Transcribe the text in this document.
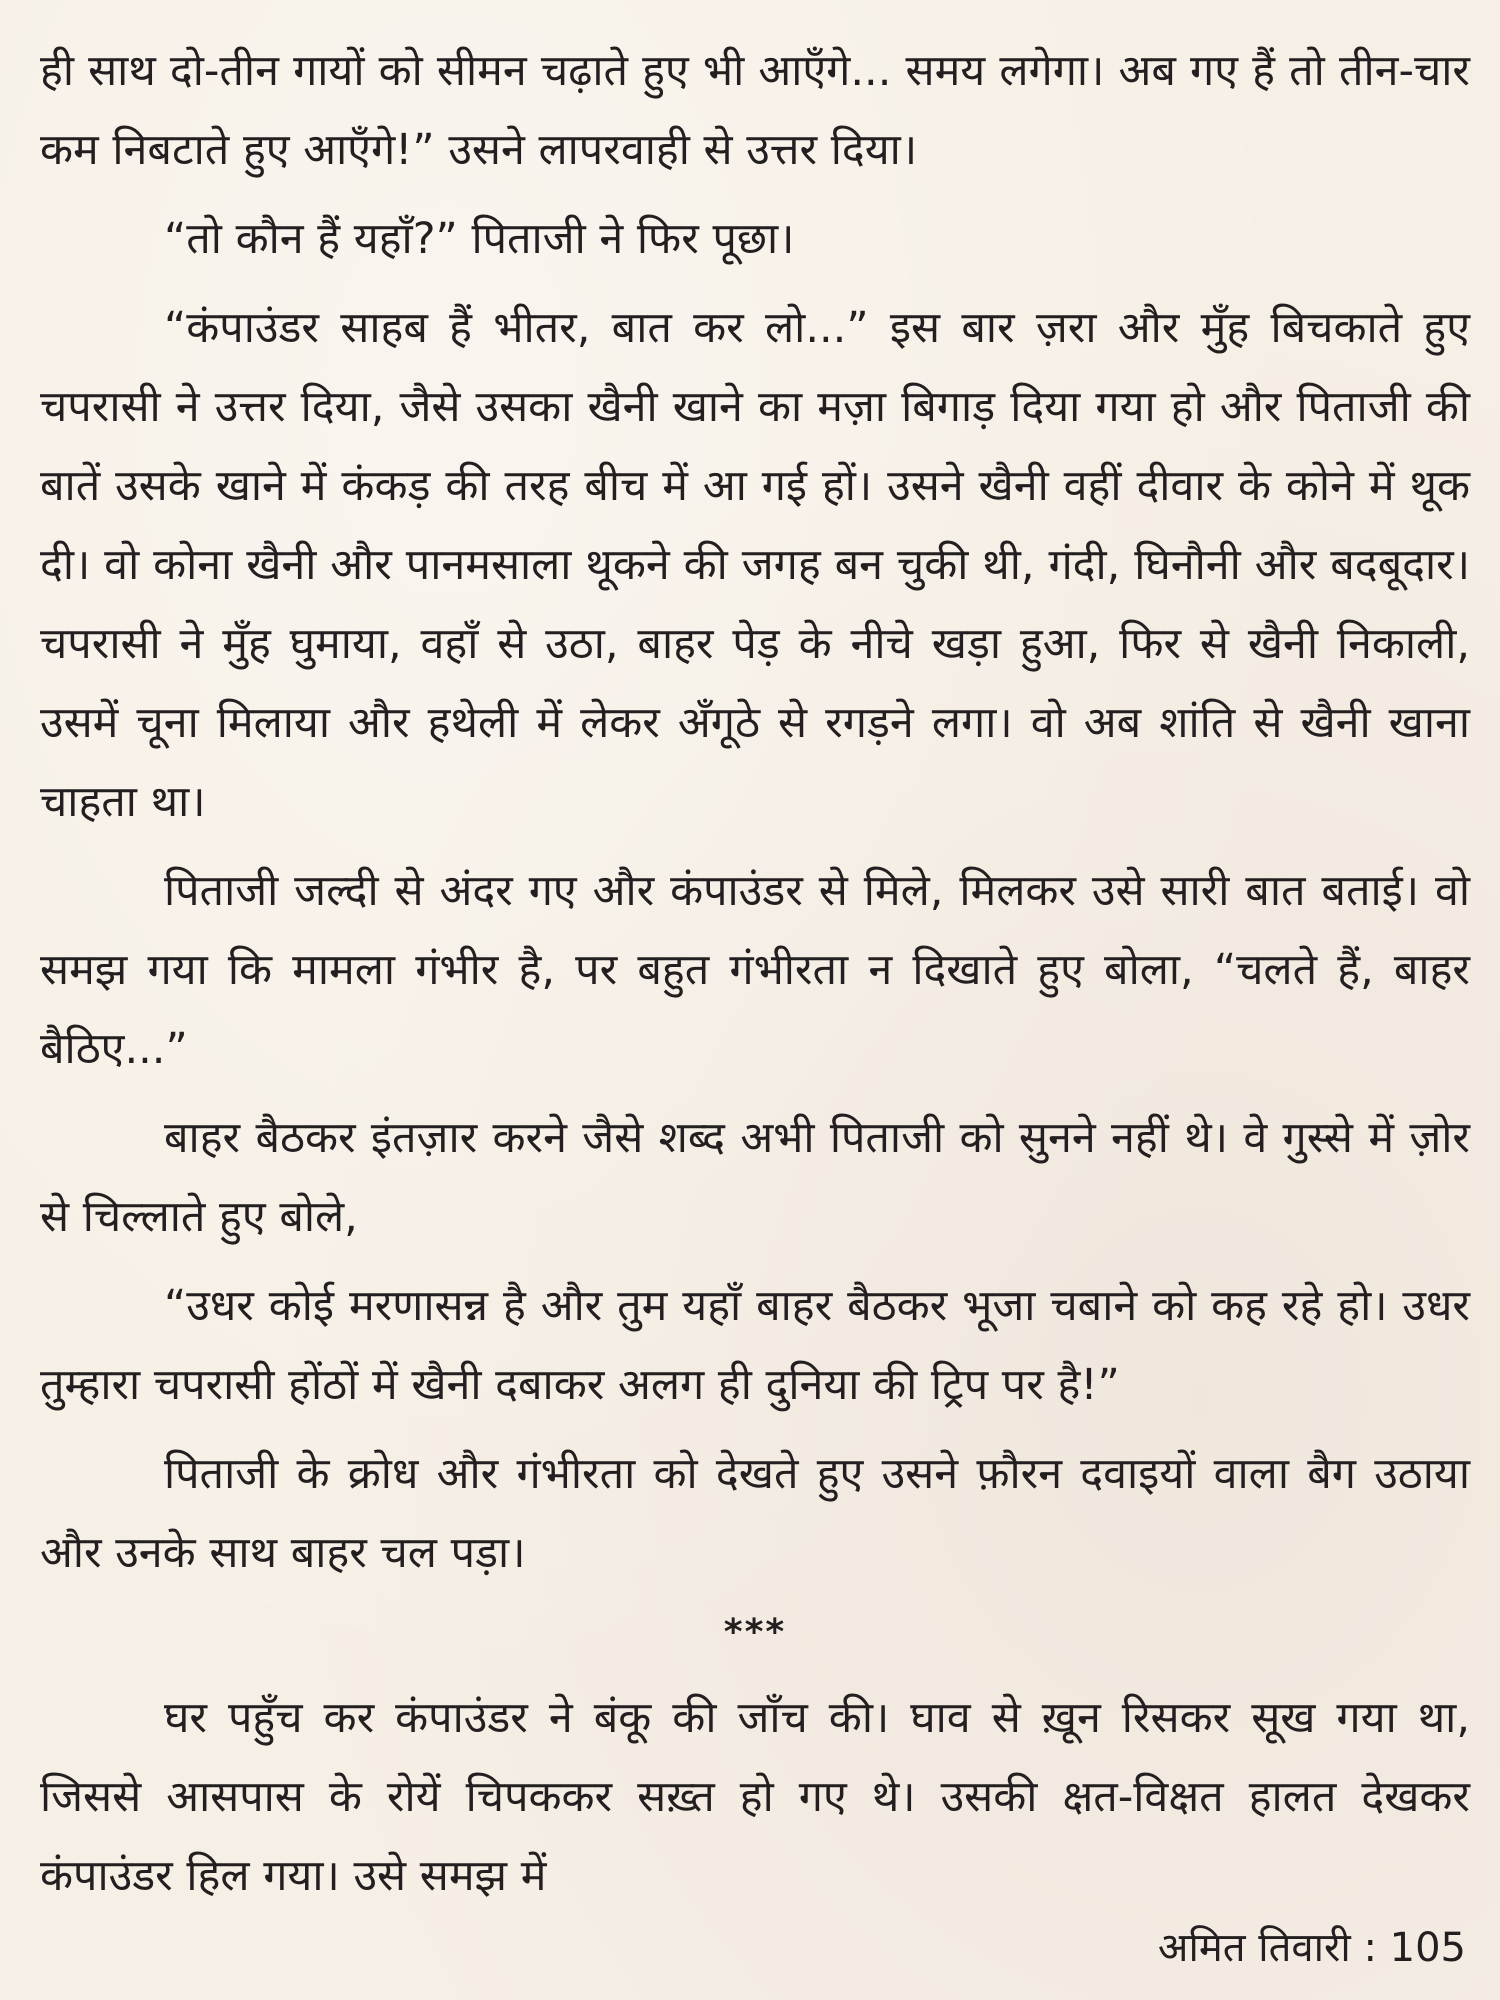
ही साथ दो-तीन गायों को सीमन चढ़ाते हुए भी आएँगे... समय लगेगा। अब गए हैं तो तीन-चार कम निबटाते हुए आएँगे!” उसने लापरवाही से उत्तर दिया।

“तो कौन हैं यहाँ?” पिताजी ने फिर पूछा।

“कंपाउंडर साहब हैं भीतर, बात कर लो...” इस बार ज़रा और मुँह बिचकाते हुए चपरासी ने उत्तर दिया, जैसे उसका खैनी खाने का मज़ा बिगाड़ दिया गया हो और पिताजी की बातें उसके खाने में कंकड़ की तरह बीच में आ गई हों। उसने खैनी वहीं दीवार के कोने में थूक दी। वो कोना खैनी और पानमसाला थूकने की जगह बन चुकी थी, गंदी, घिनौनी और बदबूदार। चपरासी ने मुँह घुमाया, वहाँ से उठा, बाहर पेड़ के नीचे खड़ा हुआ, फिर से खैनी निकाली, उसमें चूना मिलाया और हथेली में लेकर अँगूठे से रगड़ने लगा। वो अब शांति से खैनी खाना चाहता था।

पिताजी जल्दी से अंदर गए और कंपाउंडर से मिले, मिलकर उसे सारी बात बताई। वो समझ गया कि मामला गंभीर है, पर बहुत गंभीरता न दिखाते हुए बोला, “चलते हैं, बाहर बैठिए...”

बाहर बैठकर इंतज़ार करने जैसे शब्द अभी पिताजी को सुनने नहीं थे। वे गुस्से में ज़ोर से चिल्लाते हुए बोले,

“उधर कोई मरणासन्न है और तुम यहाँ बाहर बैठकर भूजा चबाने को कह रहे हो। उधर तुम्हारा चपरासी होंठों में खैनी दबाकर अलग ही दुनिया की ट्रिप पर है!”

पिताजी के क्रोध और गंभीरता को देखते हुए उसने फ़ौरन दवाइयों वाला बैग उठाया और उनके साथ बाहर चल पड़ा।

***

घर पहुँच कर कंपाउंडर ने बंकू की जाँच की। घाव से ख़ून रिसकर सूख गया था, जिससे आसपास के रोयें चिपककर सख़्त हो गए थे। उसकी क्षत-विक्षत हालत देखकर कंपाउंडर हिल गया। उसे समझ में

अमित तिवारी : 105
